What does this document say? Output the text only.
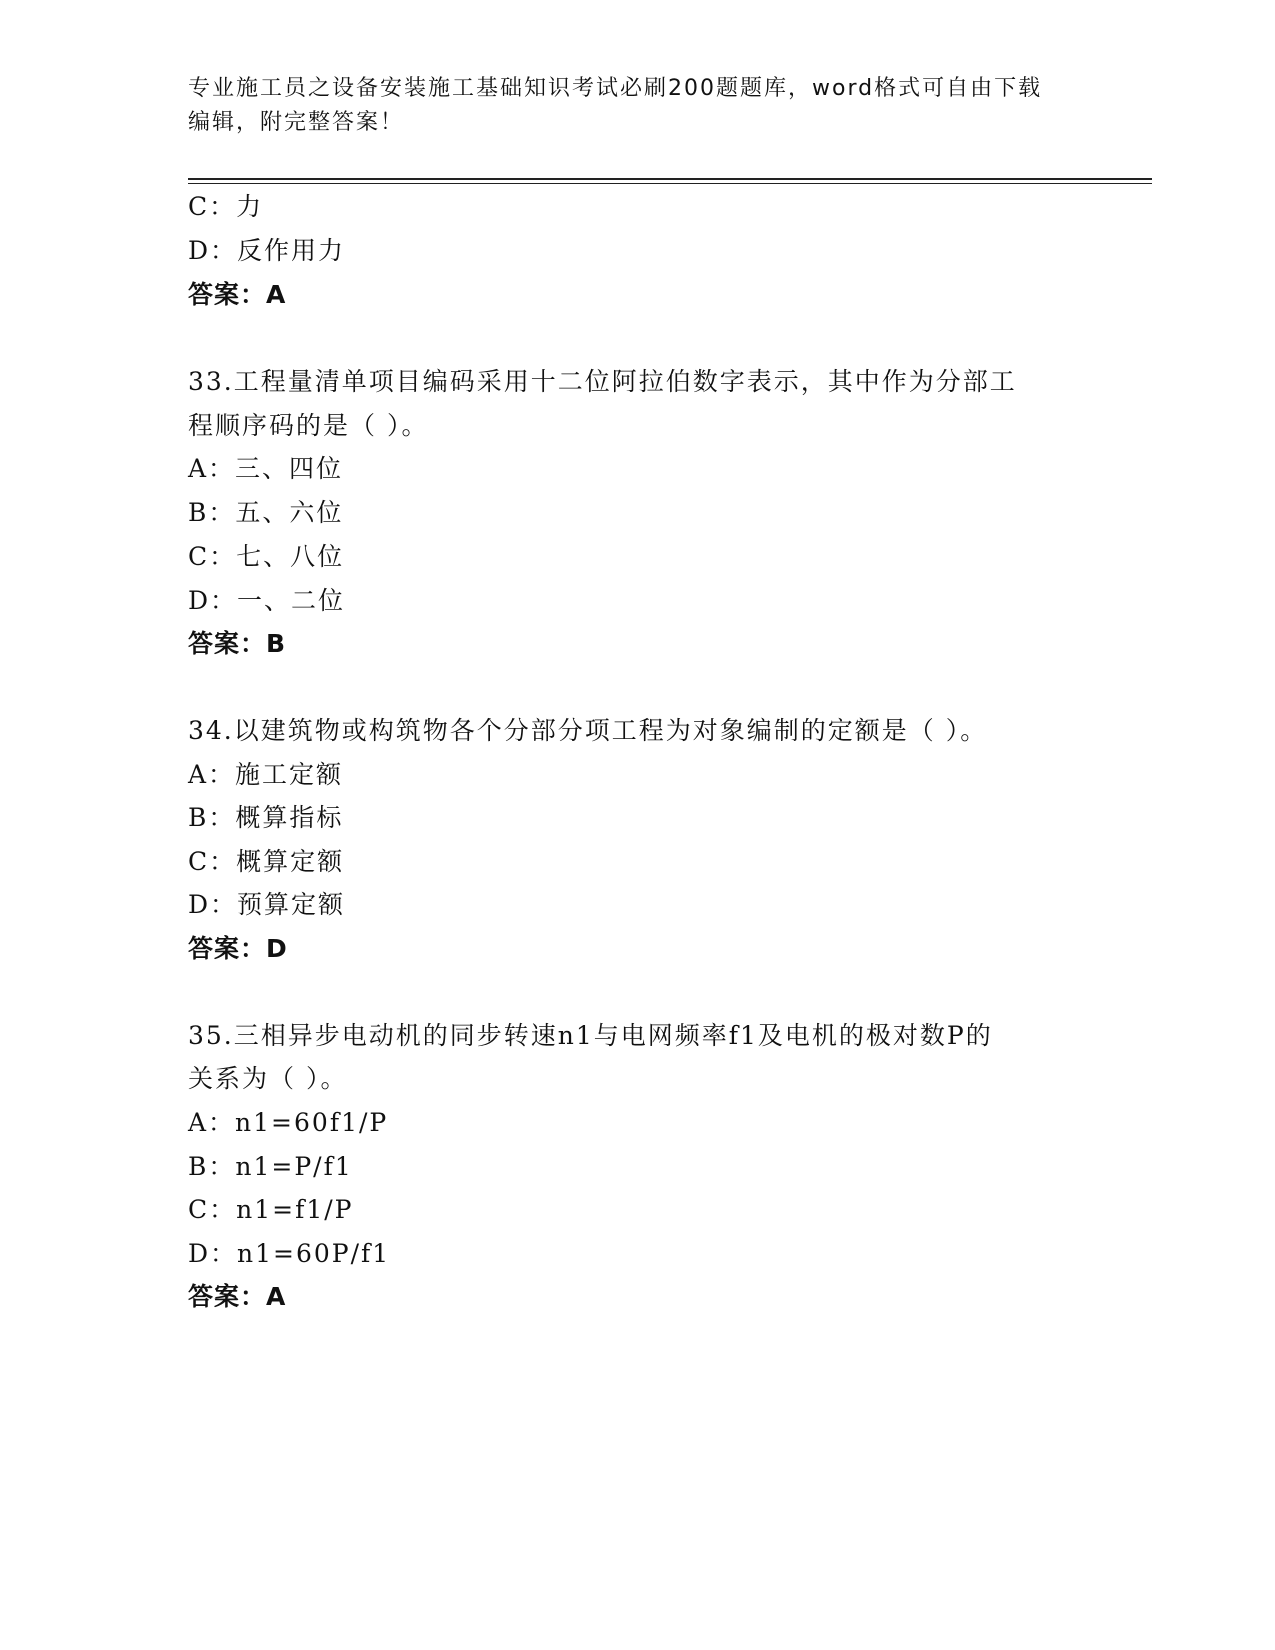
专业施工员之设备安装施工基础知识考试必刷200题题库，word格式可自由下载
编辑，附完整答案！
C：力
D：反作用力
答案：A
33.工程量清单项目编码采用十二位阿拉伯数字表示，其中作为分部工
程顺序码的是（ ）。
A：三、四位
B：五、六位
C：七、八位
D：一、二位
答案：B
34.以建筑物或构筑物各个分部分项工程为对象编制的定额是（ ）。
A：施工定额
B：概算指标
C：概算定额
D：预算定额
答案：D
35.三相异步电动机的同步转速n1与电网频率f1及电机的极对数P的
关系为（ ）。
A：n1=60f1/P
B：n1=P/f1
C：n1=f1/P
D：n1=60P/f1
答案：A
